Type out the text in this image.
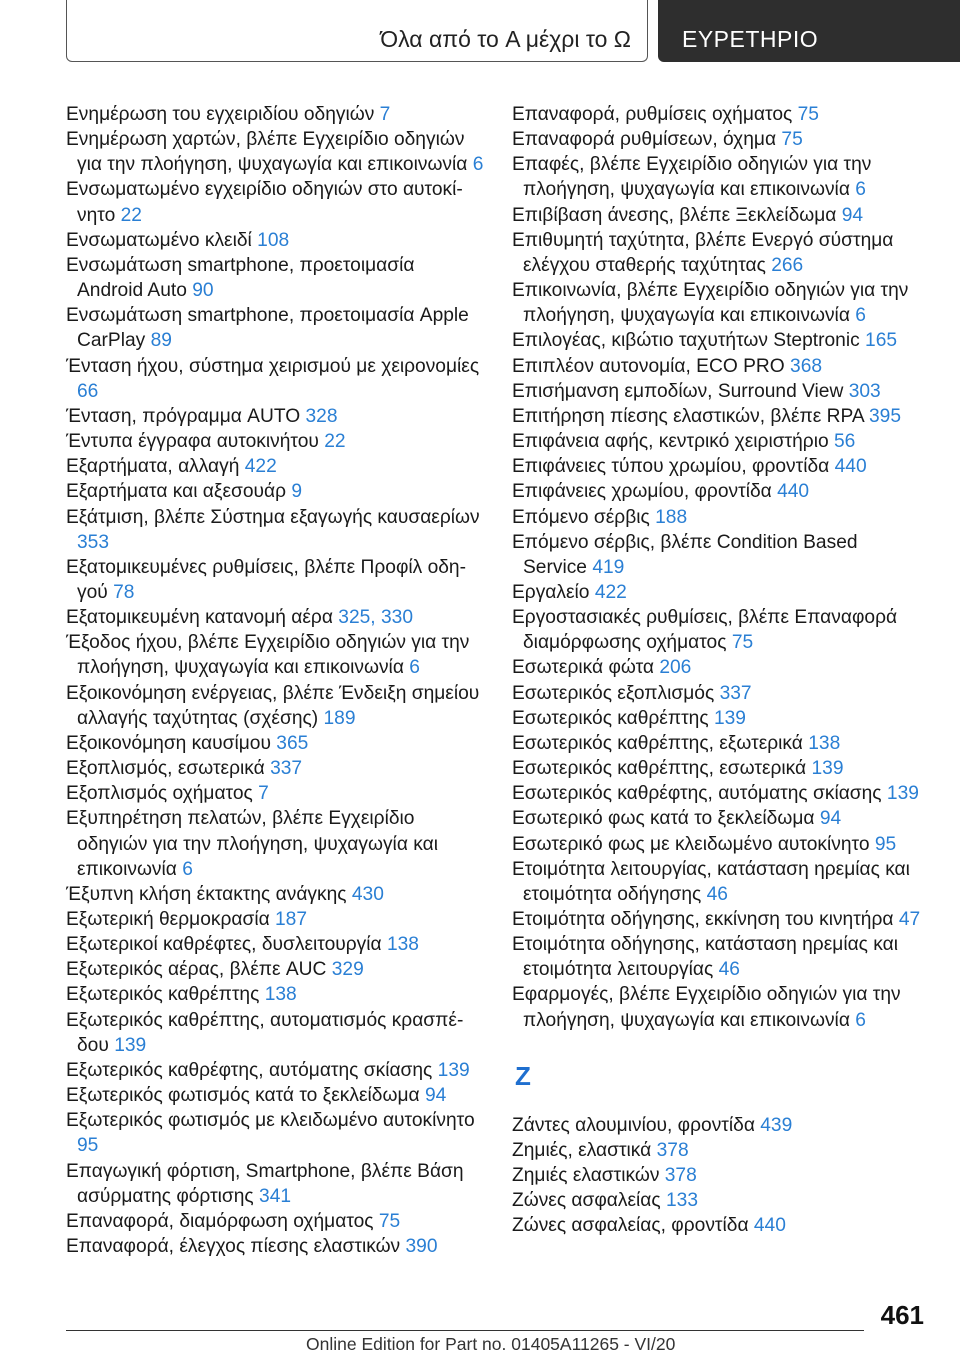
Όλα από το A μέχρι το Ω ΕΥΡΕΤΗΡΙΟ
Ενημέρωση του εγχειριδίου οδηγιών 7
Ενημέρωση χαρτών, βλέπε Εγχειρίδιο οδηγιών για την πλοήγηση, ψυχαγωγία και επικοινωνία 6
Ενσωματωμένο εγχειρίδιο οδηγιών στο αυτοκίνητο 22
Ενσωματωμένο κλειδί 108
Ενσωμάτωση smartphone, προετοιμασία Android Auto 90
Ενσωμάτωση smartphone, προετοιμασία Apple CarPlay 89
Ένταση ήχου, σύστημα χειρισμού με χειρονομίες 66
Ένταση, πρόγραμμα AUTO 328
Έντυπα έγγραφα αυτοκινήτου 22
Εξαρτήματα, αλλαγή 422
Εξαρτήματα και αξεσουάρ 9
Εξάτμιση, βλέπε Σύστημα εξαγωγής καυσαερίων 353
Εξατομικευμένες ρυθμίσεις, βλέπε Προφίλ οδηγού 78
Εξατομικευμένη κατανομή αέρα 325, 330
Έξοδος ήχου, βλέπε Εγχειρίδιο οδηγιών για την πλοήγηση, ψυχαγωγία και επικοινωνία 6
Εξοικονόμηση ενέργειας, βλέπε Ένδειξη σημείου αλλαγής ταχύτητας (σχέσης) 189
Εξοικονόμηση καυσίμου 365
Εξοπλισμός, εσωτερικά 337
Εξοπλισμός οχήματος 7
Εξυπηρέτηση πελατών, βλέπε Εγχειρίδιο οδηγιών για την πλοήγηση, ψυχαγωγία και επικοινωνία 6
Έξυπνη κλήση έκτακτης ανάγκης 430
Εξωτερική θερμοκρασία 187
Εξωτερικοί καθρέφτες, δυσλειτουργία 138
Εξωτερικός αέρας, βλέπε AUC 329
Εξωτερικός καθρέπτης 138
Εξωτερικός καθρέπτης, αυτοματισμός κρασπέδου 139
Εξωτερικός καθρέφτης, αυτόματης σκίασης 139
Εξωτερικός φωτισμός κατά το ξεκλείδωμα 94
Εξωτερικός φωτισμός με κλειδωμένο αυτοκίνητο 95
Επαγωγική φόρτιση, Smartphone, βλέπε Βάση ασύρματης φόρτισης 341
Επαναφορά, διαμόρφωση οχήματος 75
Επαναφορά, έλεγχος πίεσης ελαστικών 390
Επαναφορά, ρυθμίσεις οχήματος 75
Επαναφορά ρυθμίσεων, όχημα 75
Επαφές, βλέπε Εγχειρίδιο οδηγιών για την πλοήγηση, ψυχαγωγία και επικοινωνία 6
Επιβίβαση άνεσης, βλέπε Ξεκλείδωμα 94
Επιθυμητή ταχύτητα, βλέπε Ενεργό σύστημα ελέγχου σταθερής ταχύτητας 266
Επικοινωνία, βλέπε Εγχειρίδιο οδηγιών για την πλοήγηση, ψυχαγωγία και επικοινωνία 6
Επιλογέας, κιβώτιο ταχυτήτων Steptronic 165
Επιπλέον αυτονομία, ECO PRO 368
Επισήμανση εμποδίων, Surround View 303
Επιτήρηση πίεσης ελαστικών, βλέπε RPA 395
Επιφάνεια αφής, κεντρικό χειριστήριο 56
Επιφάνειες τύπου χρωμίου, φροντίδα 440
Επιφάνειες χρωμίου, φροντίδα 440
Επόμενο σέρβις 188
Επόμενο σέρβις, βλέπε Condition Based Service 419
Εργαλείο 422
Εργοστασιακές ρυθμίσεις, βλέπε Επαναφορά διαμόρφωσης οχήματος 75
Εσωτερικά φώτα 206
Εσωτερικός εξοπλισμός 337
Εσωτερικός καθρέπτης 139
Εσωτερικός καθρέπτης, εξωτερικά 138
Εσωτερικός καθρέπτης, εσωτερικά 139
Εσωτερικός καθρέφτης, αυτόματης σκίασης 139
Εσωτερικό φως κατά το ξεκλείδωμα 94
Εσωτερικό φως με κλειδωμένο αυτοκίνητο 95
Ετοιμότητα λειτουργίας, κατάσταση ηρεμίας και ετοιμότητα οδήγησης 46
Ετοιμότητα οδήγησης, εκκίνηση του κινητήρα 47
Ετοιμότητα οδήγησης, κατάσταση ηρεμίας και ετοιμότητα λειτουργίας 46
Εφαρμογές, βλέπε Εγχειρίδιο οδηγιών για την πλοήγηση, ψυχαγωγία και επικοινωνία 6
Ζ
Ζάντες αλουμινίου, φροντίδα 439
Ζημιές, ελαστικά 378
Ζημιές ελαστικών 378
Ζώνες ασφαλείας 133
Ζώνες ασφαλείας, φροντίδα 440
461
Online Edition for Part no. 01405A11265 - VI/20
